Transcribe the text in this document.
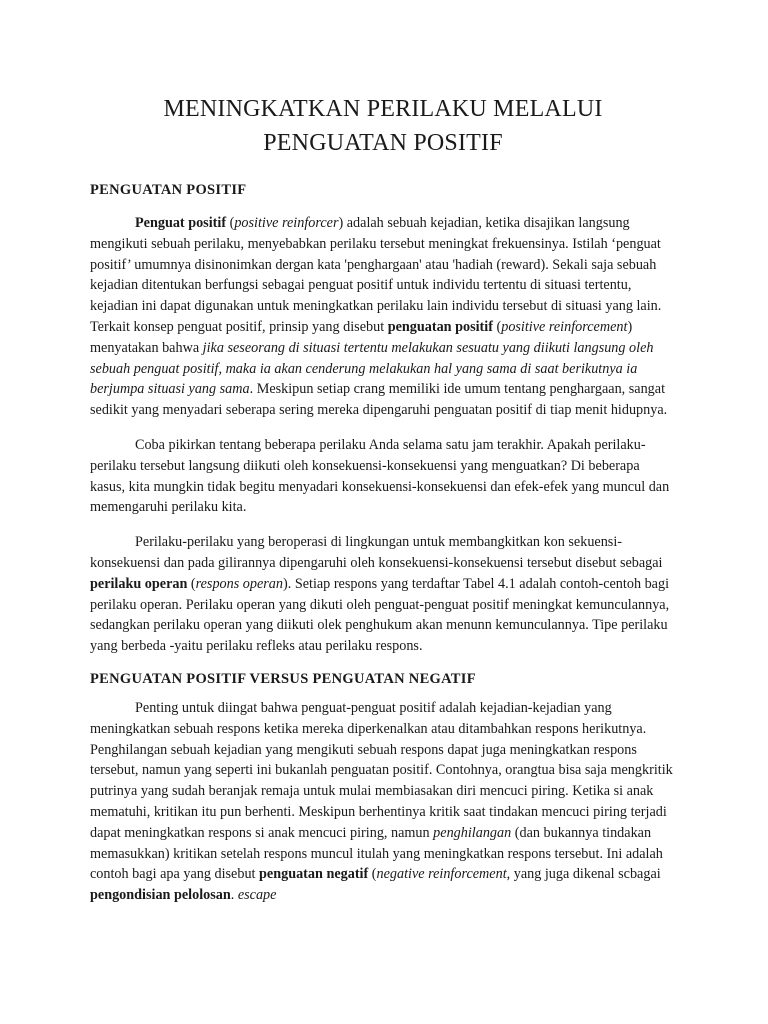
MENINGKATKAN PERILAKU MELALUI PENGUATAN POSITIF
PENGUATAN POSITIF

Penguat positif (positive reinforcer) adalah sebuah kejadian, ketika disajikan langsung mengikuti sebuah perilaku, menyebabkan perilaku tersebut meningkat frekuensinya. Istilah ‘penguat positif’ umumnya disinonimkan dergan kata 'penghargaan' atau 'hadiah (reward). Sekali saja sebuah kejadian ditentukan berfungsi sebagai penguat positif untuk individu tertentu di situasi tertentu, kejadian ini dapat digunakan untuk meningkatkan perilaku lain individu tersebut di situasi yang lain. Terkait konsep penguat positif, prinsip yang disebut penguatan positif (positive reinforcement) menyatakan bahwa jika seseorang di situasi tertentu melakukan sesuatu yang diikuti langsung oleh sebuah penguat positif, maka ia akan cenderung melakukan hal yang sama di saat berikutnya ia berjumpa situasi yang sama. Meskipun setiap crang memiliki ide umum tentang penghargaan, sangat sedikit yang menyadari seberapa sering mereka dipengaruhi penguatan positif di tiap menit hidupnya.

Coba pikirkan tentang beberapa perilaku Anda selama satu jam terakhir. Apakah perilaku-perilaku tersebut langsung diikuti oleh konsekuensi-konsekuensi yang menguatkan? Di beberapa kasus, kita mungkin tidak begitu menyadari konsekuensi-konsekuensi dan efek-efek yang muncul dan memengaruhi perilaku kita.

Perilaku-perilaku yang beroperasi di lingkungan untuk membangkitkan kon sekuensi-konsekuensi dan pada gilirannya dipengaruhi oleh konsekuensi-konsekuensi tersebut disebut sebagai perilaku operan (respons operan). Setiap respons yang terdaftar Tabel 4.1 adalah contoh-centoh bagi perilaku operan. Perilaku operan yang dikuti oleh penguat-penguat positif meningkat kemunculannya, sedangkan perilaku operan yang diikuti olek penghukum akan menunn kemunculannya. Tipe perilaku yang berbeda -yaitu perilaku refleks atau perilaku respons.

PENGUATAN POSITIF VERSUS PENGUATAN NEGATIF

Penting untuk diingat bahwa penguat-penguat positif adalah kejadian-kejadian yang meningkatkan sebuah respons ketika mereka diperkenalkan atau ditambahkan respons herikutnya. Penghilangan sebuah kejadian yang mengikuti sebuah respons dapat juga meningkatkan respons tersebut, namun yang seperti ini bukanlah penguatan positif. Contohnya, orangtua bisa saja mengkritik putrinya yang sudah beranjak remaja untuk mulai membiasakan diri mencuci piring. Ketika si anak mematuhi, kritikan itu pun berhenti. Meskipun berhentinya kritik saat tindakan mencuci piring terjadi dapat meningkatkan respons si anak mencuci piring, namun penghilangan (dan bukannya tindakan memasukkan) kritikan setelah respons muncul itulah yang meningkatkan respons tersebut. Ini adalah contoh bagi apa yang disebut penguatan negatif (negative reinforcement, yang juga dikenal scbagai pengondisian pelolosan. escape
